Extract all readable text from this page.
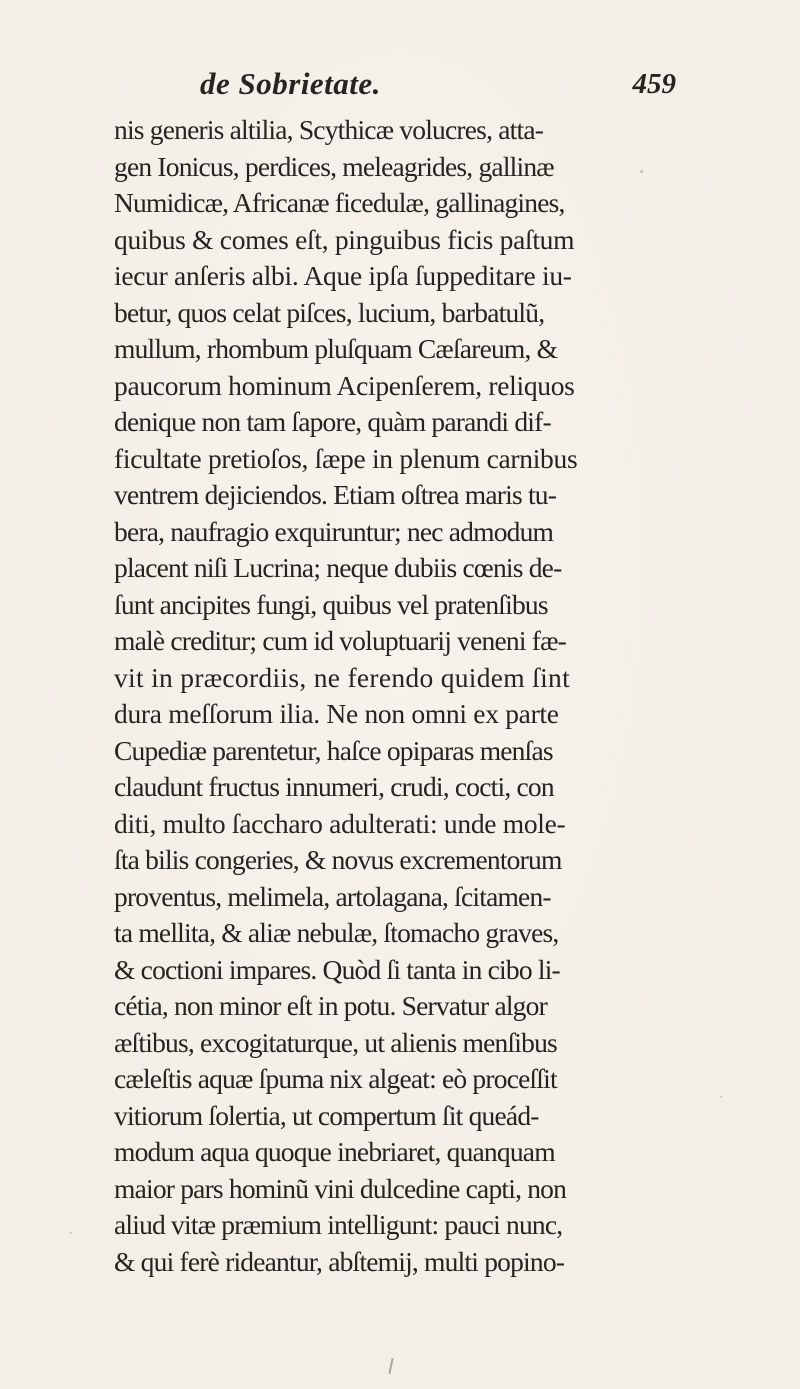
de Sobrietate.	459
nis generis altilia, Scythicæ volucres, atta-
gen Ionicus, perdices, meleagrides, gallinæ
Numidicæ, Africanæ ficedulæ, gallinagines,
quibus & comes eſt, pinguibus ficis paſtum
iecur anſeris albi. Aque ipſa ſuppeditare iu-
betur, quos celat piſces, lucium, barbatulũ,
mullum, rhombum pluſquam Cæſareum, &
paucorum hominum Acipenſerem, reliquos
denique non tam ſapore, quàm parandi dif-
ficultate pretioſos, ſæpe in plenum carnibus
ventrem dejiciendos. Etiam oſtrea maris tu-
bera, naufragio exquiruntur; nec admodum
placent niſi Lucrina; neque dubiis cœnis de-
ſunt ancipites fungi, quibus vel pratenſibus
malè creditur; cum id voluptuarij veneni fæ-
vit in præcordiis, ne ferendo quidem ſint
dura meſſorum ilia. Ne non omni ex parte
Cupediæ parentetur, haſce opiparas menſas
claudunt fructus innumeri, crudi, cocti, con
diti, multo ſaccharo adulterati: unde mole-
ſta bilis congeries, & novus excrementorum
proventus, melimela, artolagana, ſcitamen-
ta mellita, & aliæ nebulæ, ſtomacho graves,
& coctioni impares. Quòd ſi tanta in cibo li-
cétia, non minor eſt in potu. Servatur algor
æſtibus, excogitaturque, ut alienis menſibus
cæleſtis aquæ ſpuma nix algeat: eò proceſſit
vitiorum ſolertia, ut compertum ſit queád-
modum aqua quoque inebriaret, quanquam
maior pars hominũ vini dulcedine capti, non
aliud vitæ præmium intelligunt: pauci nunc,
& qui ferè rideantur, abſtemij, multi popino-
